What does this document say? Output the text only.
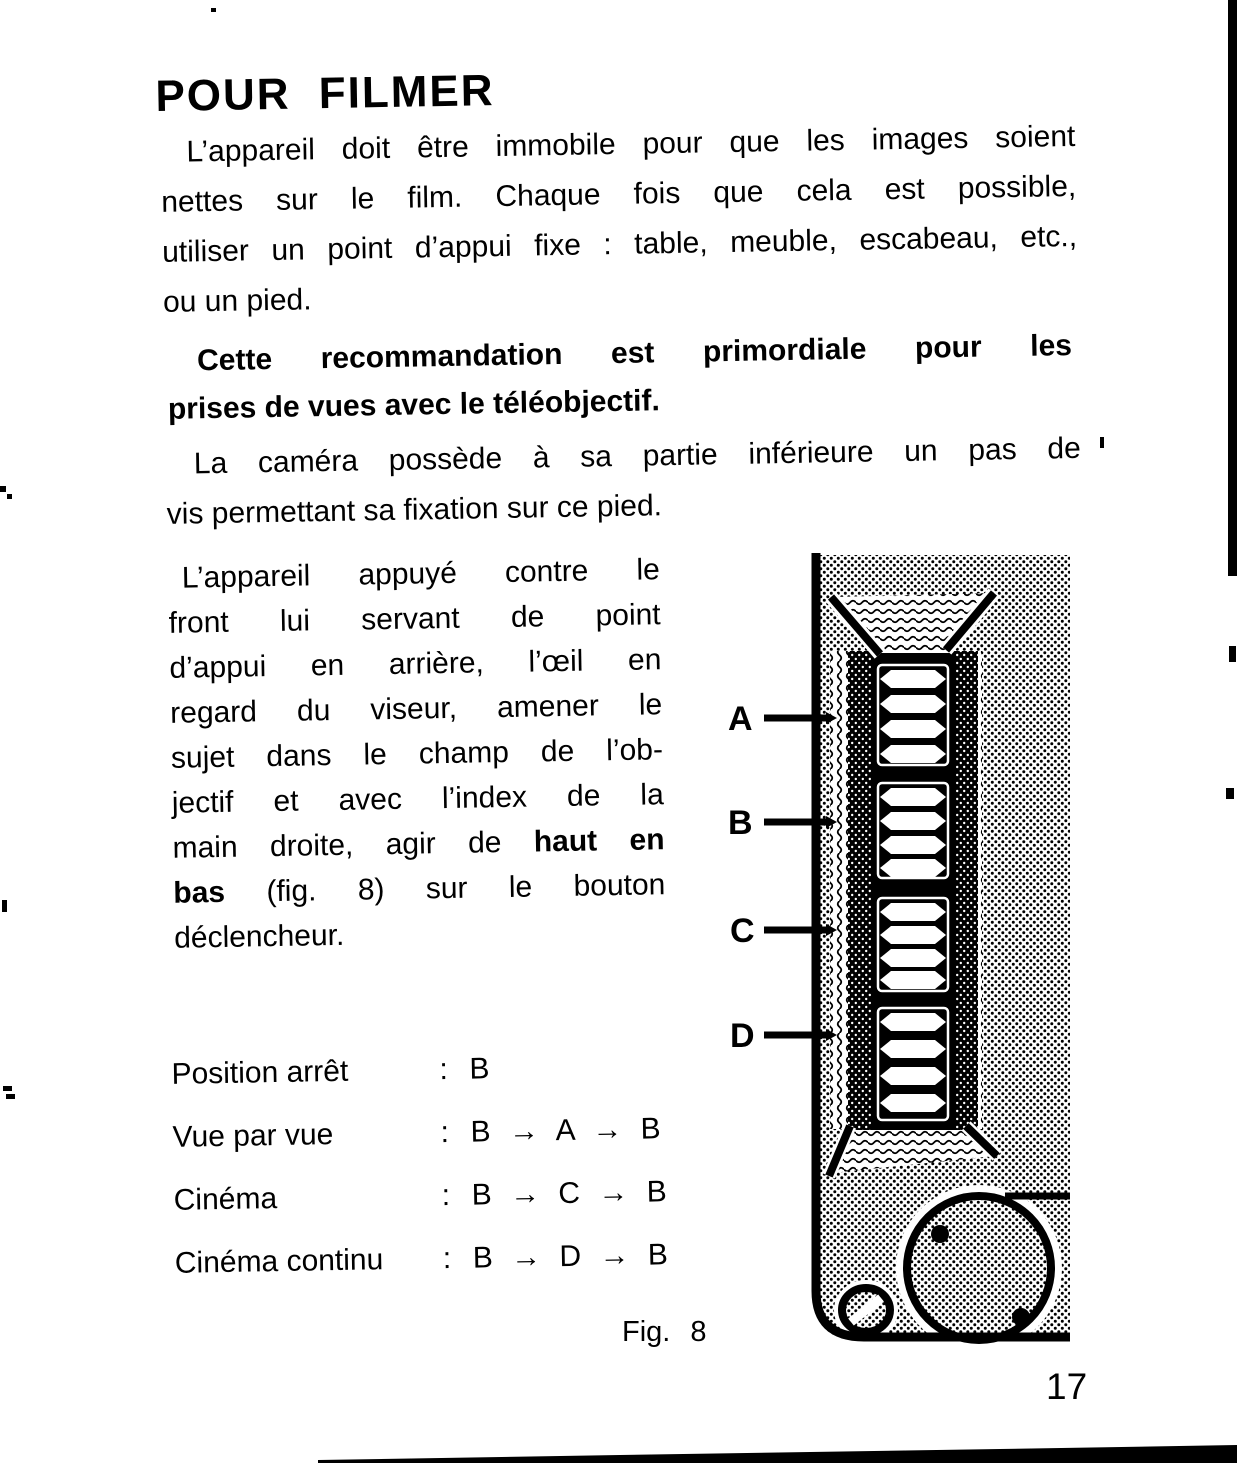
POUR FILMER
L’appareil doit être immobile pour que les images soient
nettes sur le film. Chaque fois que cela est possible,
utiliser un point d’appui fixe : table, meuble, escabeau, etc.,
ou un pied.
Cette recommandation est primordiale pour les
prises de vues avec le téléobjectif.
La caméra possède à sa partie inférieure un pas de
vis permettant sa fixation sur ce pied.
L’appareil appuyé contre le
front lui servant de point
d’appui en arrière, l’œil en
regard du viseur, amener le
sujet dans le champ de l’ob-
jectif et avec l’index de la
main droite, agir de haut en
bas (fig. 8) sur le bouton
déclencheur.
Position arrêt	: B
Vue par vue	: B → A → B
Cinéma	: B → C → B
Cinéma continu : B → D → B
A
B
C
D
Fig. 8
17
